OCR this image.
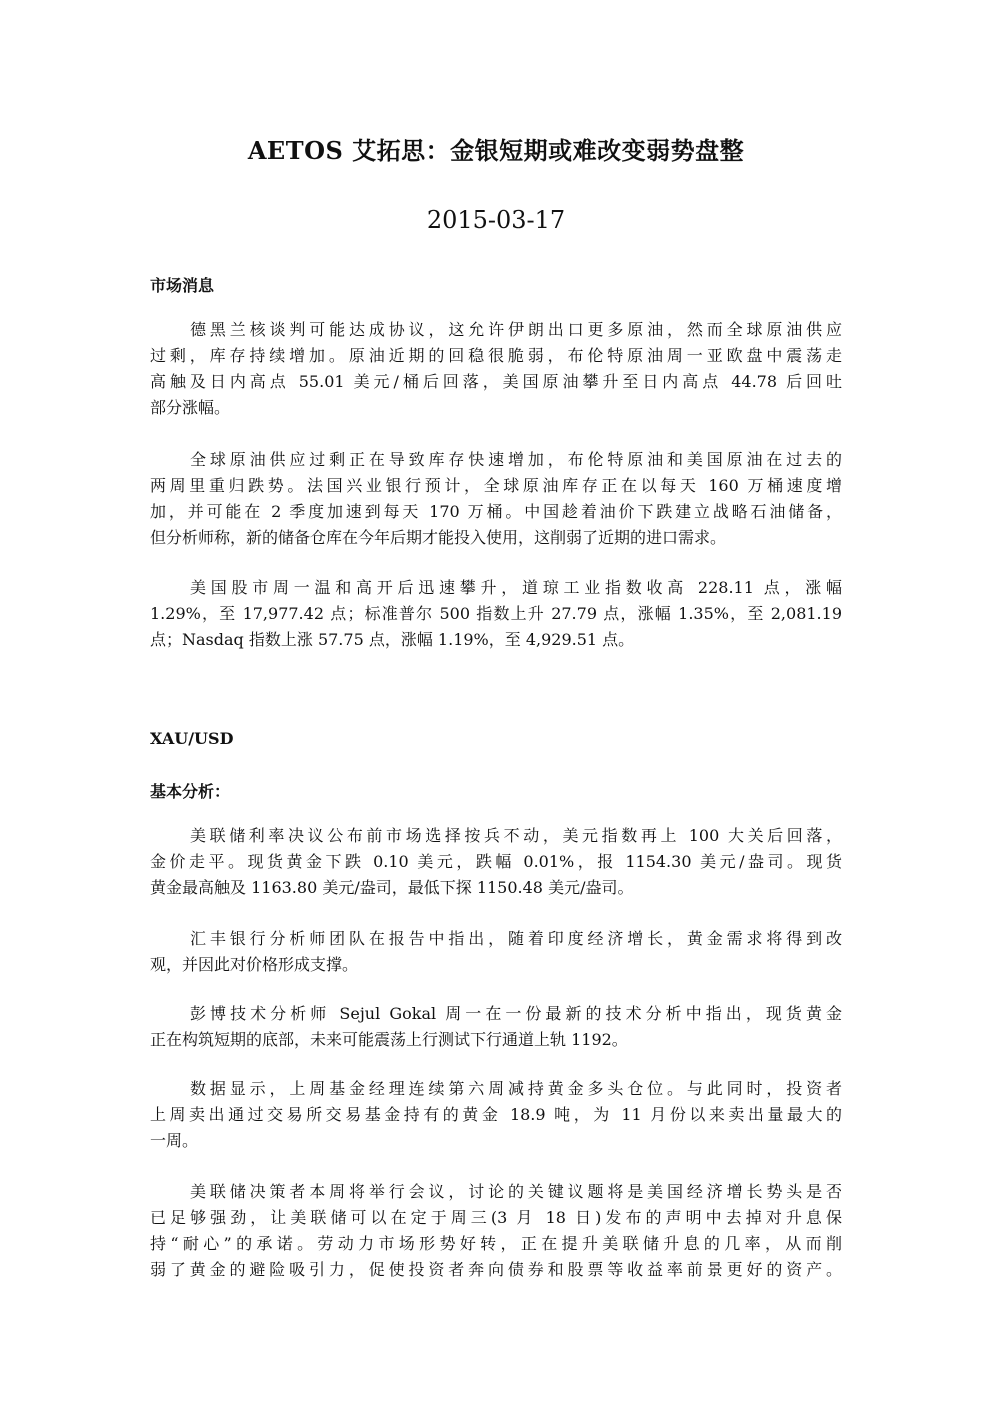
AETOS 艾拓思：金银短期或难改变弱势盘整
2015-03-17
市场消息
德黑兰核谈判可能达成协议，这允许伊朗出口更多原油，然而全球原油供应
过剩，库存持续增加。原油近期的回稳很脆弱，布伦特原油周一亚欧盘中震荡走
高触及日内高点 55.01 美元/桶后回落，美国原油攀升至日内高点 44.78 后回吐
部分涨幅。
全球原油供应过剩正在导致库存快速增加，布伦特原油和美国原油在过去的
两周里重归跌势。法国兴业银行预计，全球原油库存正在以每天 160 万桶速度增
加，并可能在 2 季度加速到每天 170 万桶。中国趁着油价下跌建立战略石油储备，
但分析师称，新的储备仓库在今年后期才能投入使用，这削弱了近期的进口需求。
美国股市周一温和高开后迅速攀升，道琼工业指数收高 228.11 点，涨幅
1.29%，至 17,977.42 点；标准普尔 500 指数上升 27.79 点，涨幅 1.35%，至 2,081.19
点；Nasdaq 指数上涨 57.75 点，涨幅 1.19%，至 4,929.51 点。
XAU/USD
基本分析：
美联储利率决议公布前市场选择按兵不动，美元指数再上 100 大关后回落，
金价走平。现货黄金下跌 0.10 美元，跌幅 0.01%，报 1154.30 美元/盎司。现货
黄金最高触及 1163.80 美元/盎司，最低下探 1150.48 美元/盎司。
汇丰银行分析师团队在报告中指出，随着印度经济增长，黄金需求将得到改
观，并因此对价格形成支撑。
彭博技术分析师 Sejul Gokal 周一在一份最新的技术分析中指出，现货黄金
正在构筑短期的底部，未来可能震荡上行测试下行通道上轨 1192。
数据显示，上周基金经理连续第六周减持黄金多头仓位。与此同时，投资者
上周卖出通过交易所交易基金持有的黄金 18.9 吨，为 11 月份以来卖出量最大的
一周。
美联储决策者本周将举行会议，讨论的关键议题将是美国经济增长势头是否
已足够强劲，让美联储可以在定于周三(3 月 18 日)发布的声明中去掉对升息保
持“耐心”的承诺。劳动力市场形势好转，正在提升美联储升息的几率，从而削
弱了黄金的避险吸引力，促使投资者奔向债券和股票等收益率前景更好的资产。
